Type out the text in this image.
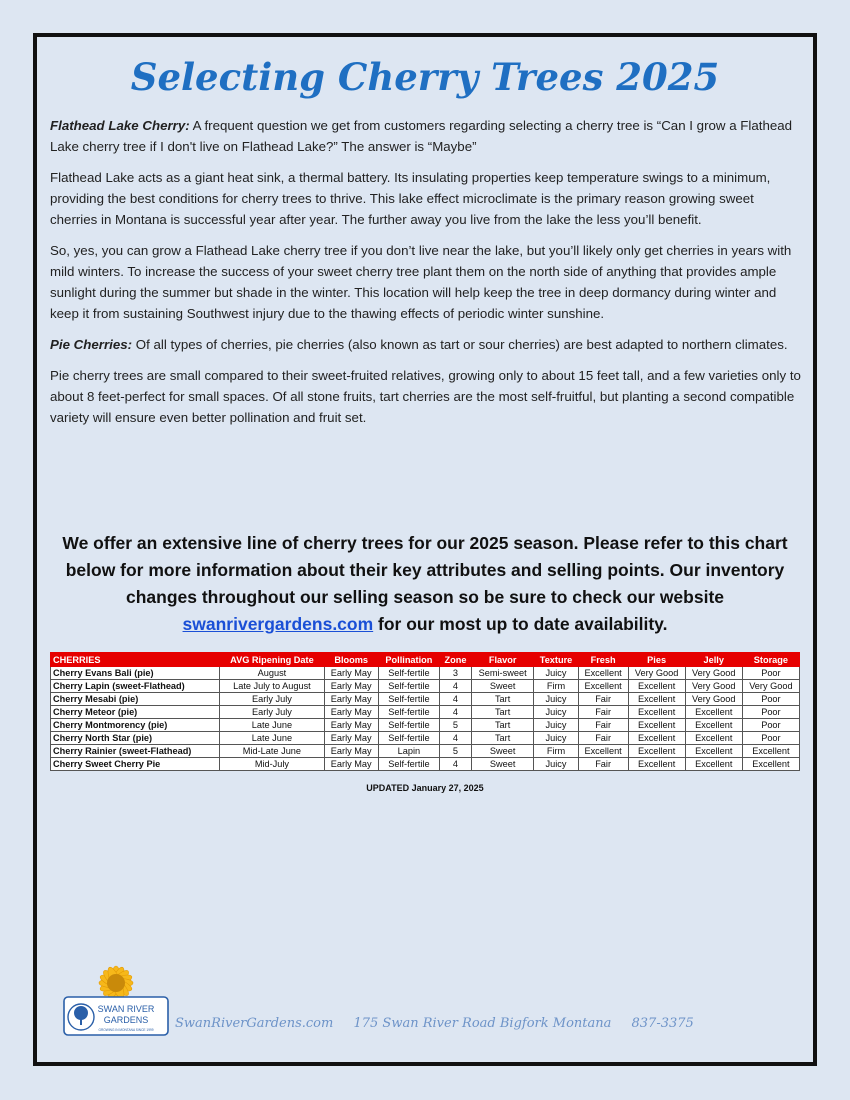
Selecting Cherry Trees 2025

Flathead Lake Cherry: A frequent question we get from customers regarding selecting a cherry tree is “Can I grow a Flathead Lake cherry tree if I don't live on Flathead Lake?” The answer is “Maybe”

Flathead Lake acts as a giant heat sink, a thermal battery. Its insulating properties keep temperature swings to a minimum, providing the best conditions for cherry trees to thrive. This lake effect microclimate is the primary reason growing sweet cherries in Montana is successful year after year. The further away you live from the lake the less you’ll benefit.

So, yes, you can grow a Flathead Lake cherry tree if you don’t live near the lake, but you’ll likely only get cherries in years with mild winters. To increase the success of your sweet cherry tree plant them on the north side of anything that provides ample sunlight during the summer but shade in the winter. This location will help keep the tree in deep dormancy during winter and keep it from sustaining Southwest injury due to the thawing effects of periodic winter sunshine.

Pie Cherries: Of all types of cherries, pie cherries (also known as tart or sour cherries) are best adapted to northern climates.

Pie cherry trees are small compared to their sweet-fruited relatives, growing only to about 15 feet tall, and a few varieties only to about 8 feet-perfect for small spaces. Of all stone fruits, tart cherries are the most self-fruitful, but planting a second compatible variety will ensure even better pollination and fruit set.

We offer an extensive line of cherry trees for our 2025 season. Please refer to this chart below for more information about their key attributes and selling points. Our inventory changes throughout our selling season so be sure to check our website swanrivergardens.com for our most up to date availability.
CHERRIES	AVG Ripening Date	Blooms	Pollination	Zone	Flavor	Texture	Fresh	Pies	Jelly	Storage
Cherry Evans Bali (pie)	August	Early May	Self-fertile	3	Semi-sweet	Juicy	Excellent	Very Good	Very Good	Poor
Cherry Lapin (sweet-Flathead)	Late July to August	Early May	Self-fertile	4	Sweet	Firm	Excellent	Excellent	Very Good	Very Good
Cherry Mesabi (pie)	Early July	Early May	Self-fertile	4	Tart	Juicy	Fair	Excellent	Very Good	Poor
Cherry Meteor (pie)	Early July	Early May	Self-fertile	4	Tart	Juicy	Fair	Excellent	Excellent	Poor
Cherry Montmorency (pie)	Late June	Early May	Self-fertile	5	Tart	Juicy	Fair	Excellent	Excellent	Poor
Cherry North Star (pie)	Late June	Early May	Self-fertile	4	Tart	Juicy	Fair	Excellent	Excellent	Poor
Cherry Rainier (sweet-Flathead)	Mid-Late June	Early May	Lapin	5	Sweet	Firm	Excellent	Excellent	Excellent	Excellent
Cherry Sweet Cherry Pie	Mid-July	Early May	Self-fertile	4	Sweet	Juicy	Fair	Excellent	Excellent	Excellent
UPDATED January 27, 2025
SWAN RIVER
GARDENS
GROWING IN MONTANA SINCE 1999 SwanRiverGardens.com 175 Swan River Road Bigfork Montana 837-3375
